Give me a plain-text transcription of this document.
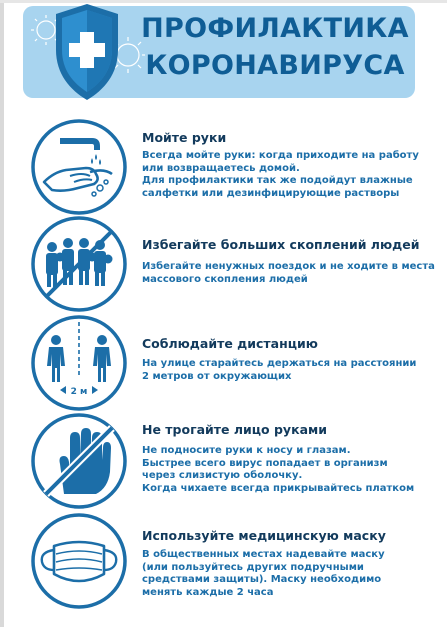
ПРОФИЛАКТИКА
КОРОНАВИРУСА
Мойте руки
Всегда мойте руки: когда приходите на работу
или возвращаетесь домой.
Для профилактики так же подойдут влажные
салфетки или дезинфицирующие растворы
Избегайте больших скоплений людей
Избегайте ненужных поездок и не ходите в места
массового скопления людей
2 м
Соблюдайте дистанцию
На улице старайтесь держаться на расстоянии
2 метров от окружающих
Не трогайте лицо руками
Не подносите руки к носу и глазам.
Быстрее всего вирус попадает в организм
через слизистую оболочку.
Когда чихаете всегда прикрывайтесь платком
Используйте медицинскую маску
В общественных местах надевайте маску
(или пользуйтесь других подручными
средствами защиты). Маску необходимо
менять каждые 2 часа
